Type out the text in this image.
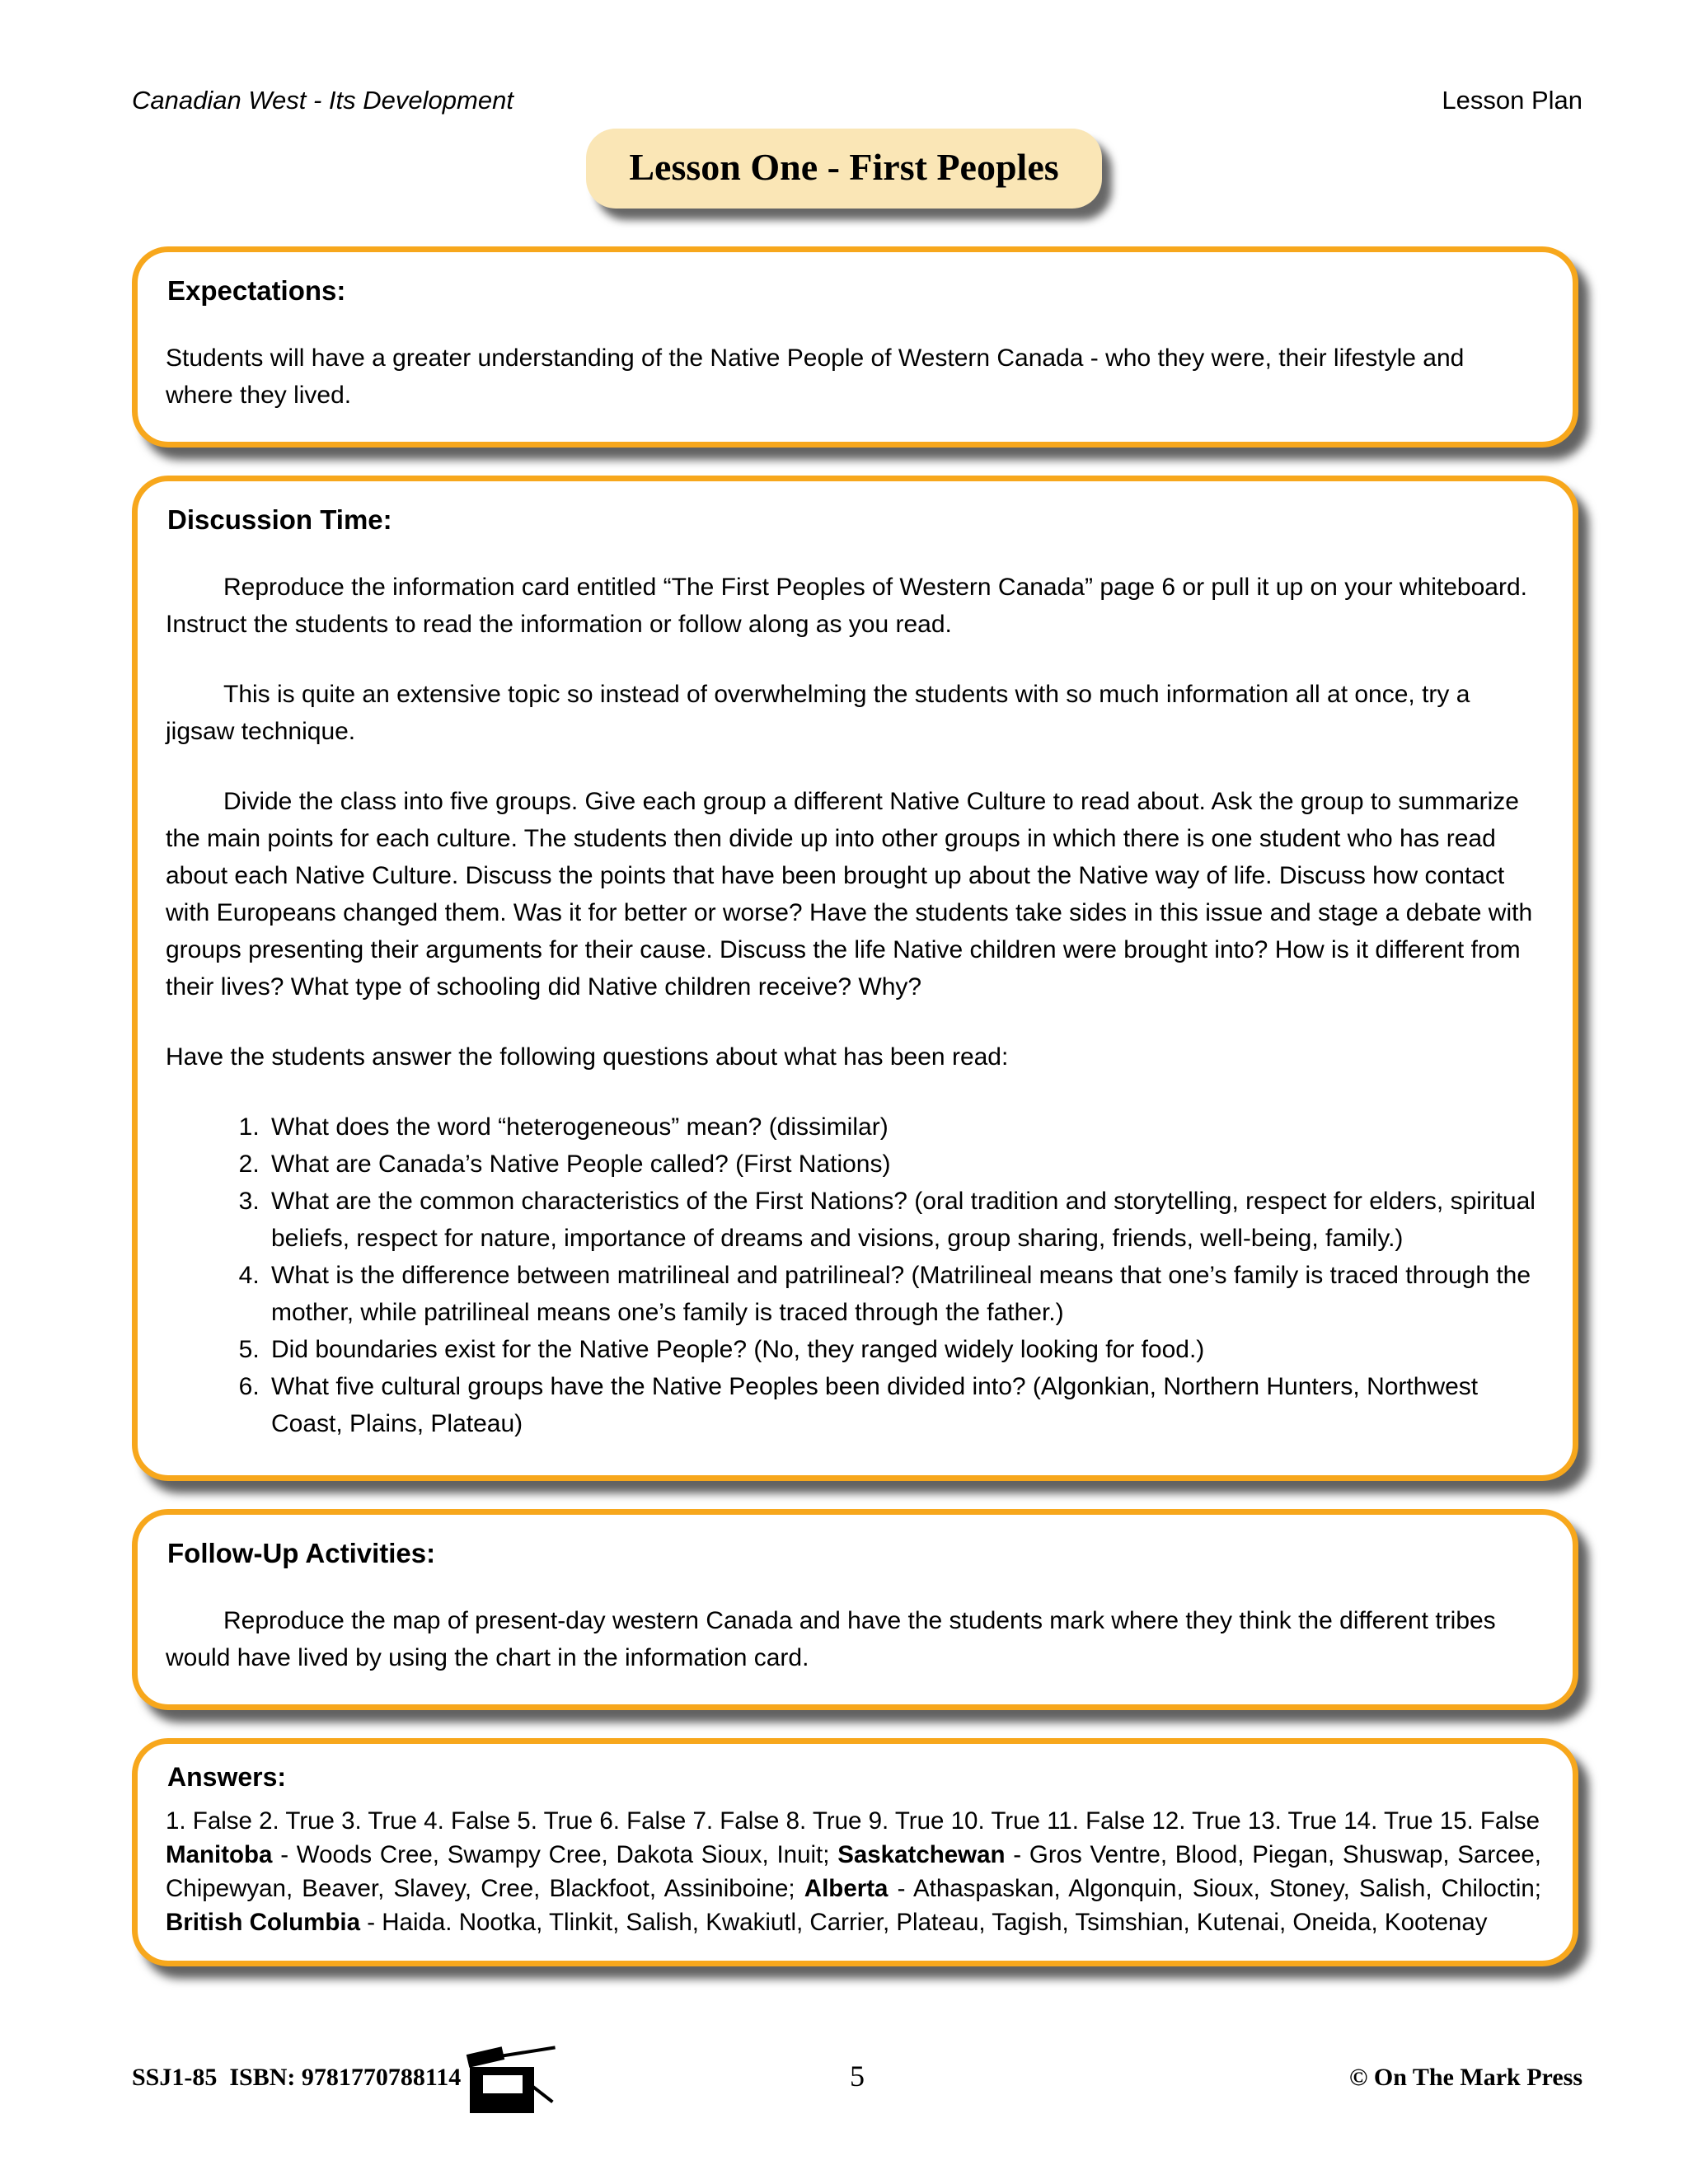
Canadian West - Its Development	Lesson Plan
Lesson One - First Peoples
Expectations:

Students will have a greater understanding of the Native People of Western Canada - who they were, their lifestyle and where they lived.

Discussion Time:

Reproduce the information card entitled “The First Peoples of Western Canada” page 6 or pull it up on your whiteboard. Instruct the students to read the information or follow along as you read.

This is quite an extensive topic so instead of overwhelming the students with so much information all at once, try a jigsaw technique.

Divide the class into five groups. Give each group a different Native Culture to read about. Ask the group to summarize the main points for each culture. The students then divide up into other groups in which there is one student who has read about each Native Culture. Discuss the points that have been brought up about the Native way of life. Discuss how contact with Europeans changed them. Was it for better or worse? Have the students take sides in this issue and stage a debate with groups presenting their arguments for their cause. Discuss the life Native children were brought into? How is it different from their lives? What type of schooling did Native children receive? Why?

Have the students answer the following questions about what has been read:

1. What does the word “heterogeneous” mean? (dissimilar)
2. What are Canada’s Native People called? (First Nations)
3. What are the common characteristics of the First Nations? (oral tradition and storytelling, respect for elders, spiritual beliefs, respect for nature, importance of dreams and visions, group sharing, friends, well-being, family.)
4. What is the difference between matrilineal and patrilineal? (Matrilineal means that one’s family is traced through the mother, while patrilineal means one’s family is traced through the father.)
5. Did boundaries exist for the Native People? (No, they ranged widely looking for food.)
6. What five cultural groups have the Native Peoples been divided into? (Algonkian, Northern Hunters, Northwest Coast, Plains, Plateau)
Follow-Up Activities:

Reproduce the map of present-day western Canada and have the students mark where they think the different tribes would have lived by using the chart in the information card.

Answers:

1. False 2. True 3. True 4. False 5. True 6. False 7. False 8. True 9. True 10. True 11. False 12. True 13. True 14. True 15. False

Manitoba - Woods Cree, Swampy Cree, Dakota Sioux, Inuit; Saskatchewan - Gros Ventre, Blood, Piegan, Shuswap, Sarcee, Chipewyan, Beaver, Slavey, Cree, Blackfoot, Assiniboine; Alberta - Athaspaskan, Algonquin, Sioux, Stoney, Salish, Chiloctin; British Columbia - Haida. Nootka, Tlinkit, Salish, Kwakiutl, Carrier, Plateau, Tagish, Tsimshian, Kutenai, Oneida, Kootenay

SSJ1-85  ISBN: 9781770788114	5	© On The Mark Press
